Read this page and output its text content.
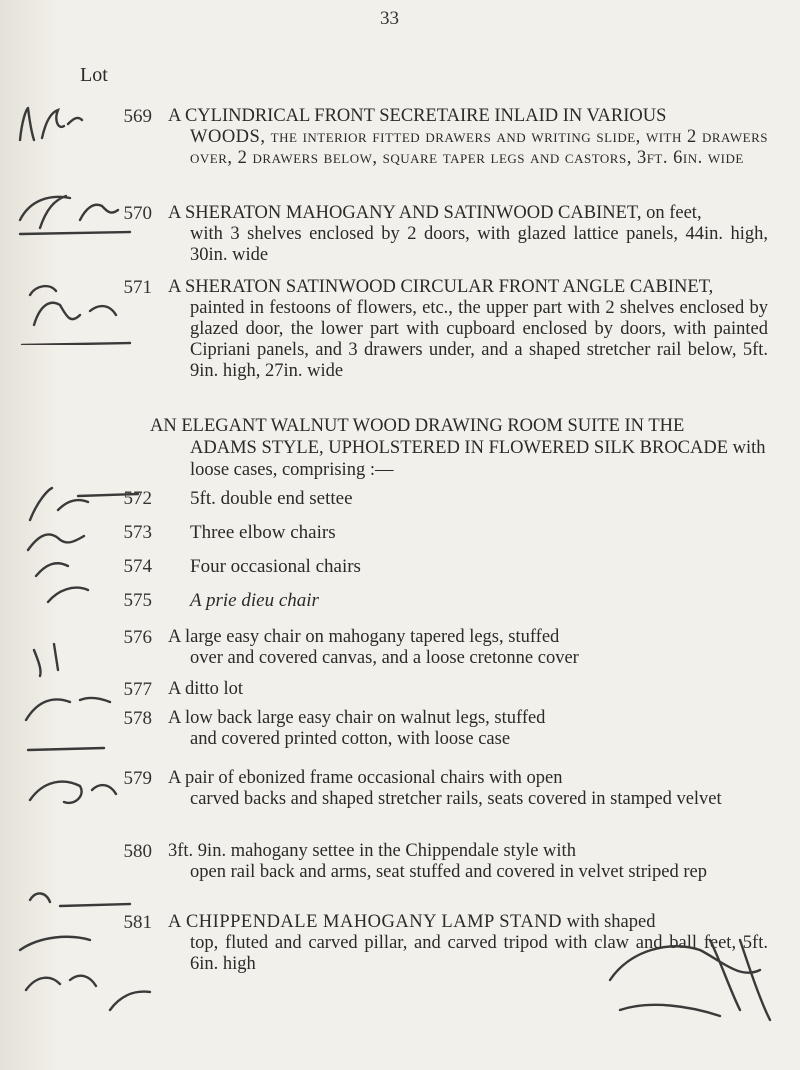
33
Lot
569 A CYLINDRICAL FRONT SECRETAIRE INLAID IN VARIOUS
WOODS, the interior fitted drawers and writing slide, with 2 drawers over, 2 drawers below, square taper legs and castors, 3ft. 6in. wide
570 A SHERATON MAHOGANY AND SATINWOOD CABINET, on feet,
with 3 shelves enclosed by 2 doors, with glazed lattice panels, 44in. high, 30in. wide
571 A SHERATON SATINWOOD CIRCULAR FRONT ANGLE CABINET,
painted in festoons of flowers, etc., the upper part with 2 shelves enclosed by glazed door, the lower part with cupboard enclosed by doors, with painted Cipriani panels, and 3 drawers under, and a shaped stretcher rail below, 5ft. 9in. high, 27in. wide
AN ELEGANT WALNUT WOOD DRAWING ROOM SUITE IN THE
ADAMS STYLE, UPHOLSTERED IN FLOWERED SILK BROCADE with loose cases, comprising :—
572 5ft. double end settee
573 Three elbow chairs
574 Four occasional chairs
575 A prie dieu chair
576 A large easy chair on mahogany tapered legs, stuffed
over and covered canvas, and a loose cretonne cover
577 A ditto lot
578 A low back large easy chair on walnut legs, stuffed
and covered printed cotton, with loose case
579 A pair of ebonized frame occasional chairs with open
carved backs and shaped stretcher rails, seats covered in stamped velvet
580 3ft. 9in. mahogany settee in the Chippendale style with
open rail back and arms, seat stuffed and covered in velvet striped rep
581 A CHIPPENDALE MAHOGANY LAMP STAND with shaped
top, fluted and carved pillar, and carved tripod with claw and ball feet, 5ft. 6in. high
